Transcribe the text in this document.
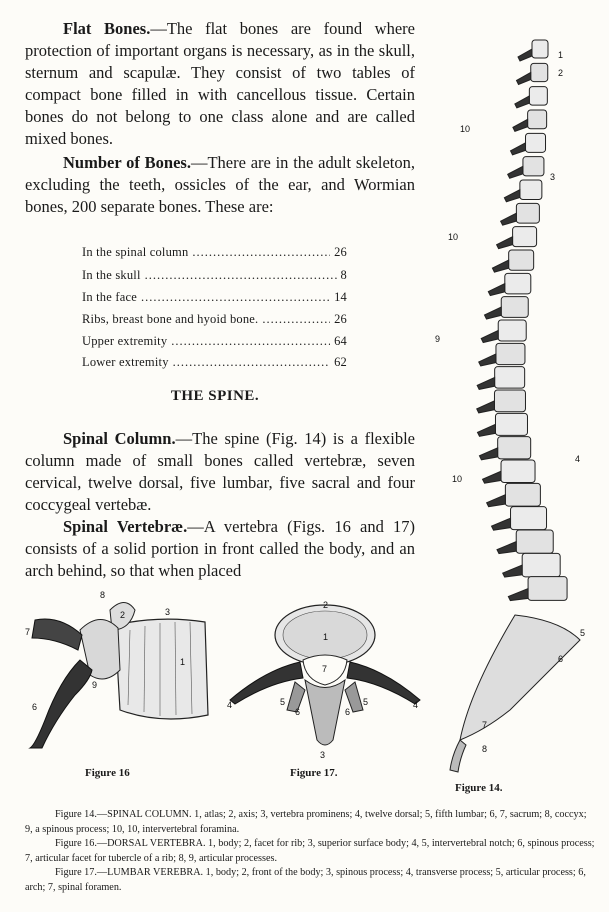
Flat Bones.—The flat bones are found where protection of important organs is necessary, as in the skull, sternum and scapulæ. They consist of two tables of compact bone filled in with cancellous tissue. Certain bones do not belong to one class alone and are called mixed bones.
Number of Bones.—There are in the adult skeleton, excluding the teeth, ossicles of the ear, and Wormian bones, 200 separate bones. These are:
In the spinal column .....	26
In the skull .....	8
In the face .....	14
Ribs, breast bone and hyoid bone. .....	26
Upper extremity .....	64
Lower extremity .....	62
THE SPINE.
Spinal Column.—The spine (Fig. 14) is a flexible column made of small bones called vertebræ, seven cervical, twelve dorsal, five lumbar, five sacral and four coccygeal vertebæ.
Spinal Vertebræ.—A vertebra (Figs. 16 and 17) consists of a solid portion in front called the body, and an arch behind, so that when placed
1
2
10
3
10
9
4
10
5
6
7
8
8
2	3
7
1
9
6
2
1
7
4	5
6	6
5	4
3
Figure 16	Figure 17.
Figure 14.

Figure 14.—SPINAL COLUMN. 1, atlas; 2, axis; 3, vertebra prominens; 4, twelve dorsal; 5, fifth lumbar; 6, 7, sacrum; 8, coccyx; 9, a spinous process; 10, 10, intervertebral foramina.

Figure 16.—DORSAL VERTEBRA. 1, body; 2, facet for rib; 3, superior surface body; 4, 5, intervertebral notch; 6, spinous process; 7, articular facet for tubercle of a rib; 8, 9, articular processes.

Figure 17.—LUMBAR VEREBRA. 1, body; 2, front of the body; 3, spinous process; 4, transverse process; 5, articular process; 6, arch; 7, spinal foramen.
